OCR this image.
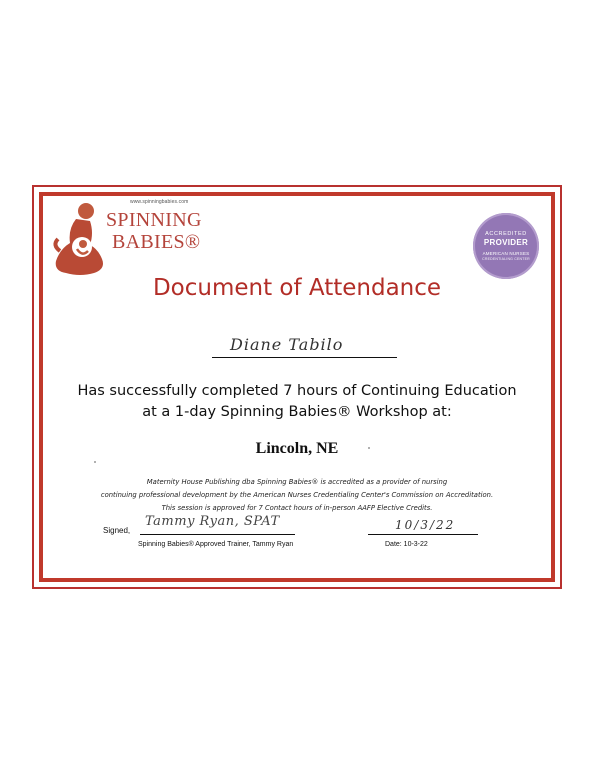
www.spinningbabies.com
SPINNING
BABIES®	ACCREDITED
PROVIDER
AMERICAN NURSES
CREDENTIALING CENTER
Document of Attendance
Diane Tabilo
Has successfully completed 7 hours of Continuing Education
at a 1-day Spinning Babies® Workshop at:
Lincoln, NE
Maternity House Publishing dba Spinning Babies® is accredited as a provider of nursing
continuing professional development by the American Nurses Credentialing Center's Commission on Accreditation.
This session is approved for 7 Contact hours of in-person AAFP Elective Credits.
Signed,
Tammy Ryan, SPAT
Spinning Babies® Approved Trainer, Tammy Ryan
10/3/22
Date: 10-3-22
